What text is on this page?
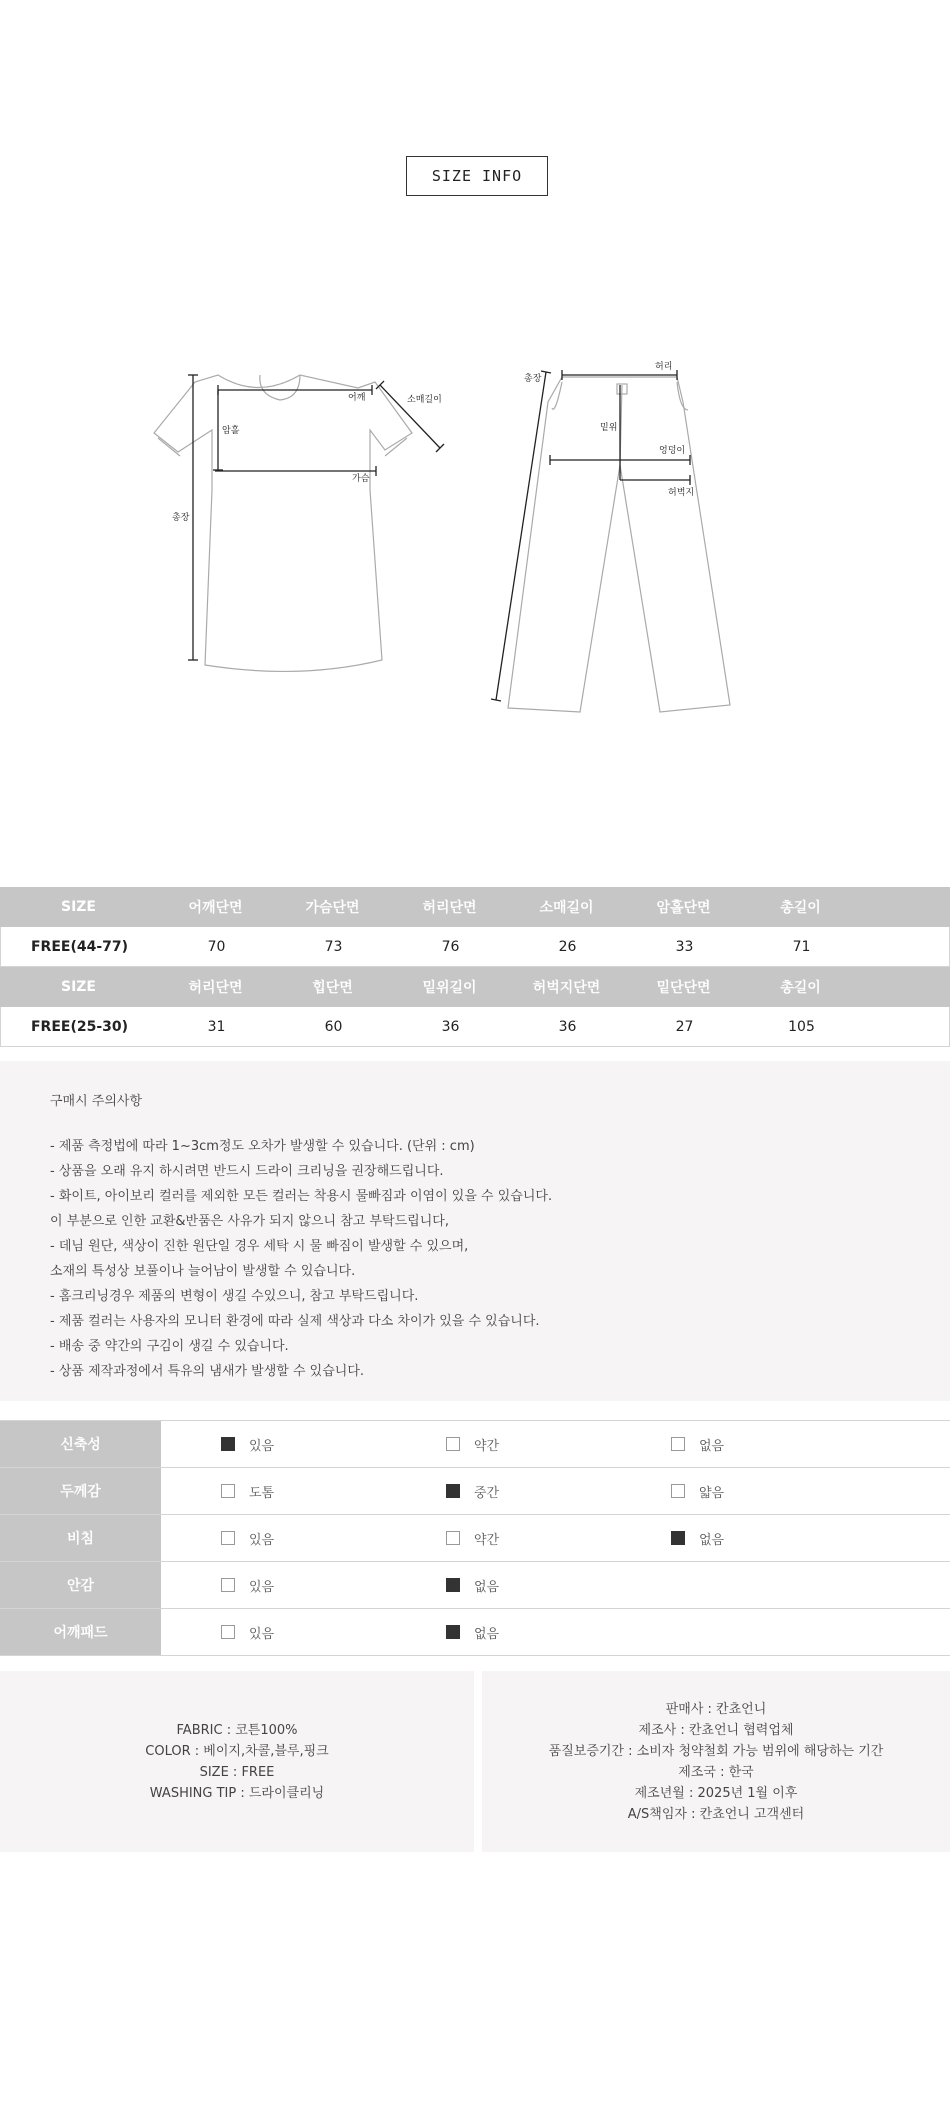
SIZE INFO
어깨	소매길이
암홀
가슴
총장
허리
총장
밑위
엉덩이
허벅지
SIZE	어깨단면	가슴단면	허리단면	소매길이	암홀단면	총길이
FREE(44-77)	70	73	76	26	33	71
SIZE	허리단면	힙단면	밑위길이	허벅지단면	밑단단면	총길이
FREE(25-30)	31	60	36	36	27	105
구매시 주의사항
- 제품 측정법에 따라 1~3cm정도 오차가 발생할 수 있습니다. (단위 : cm)
- 상품을 오래 유지 하시려면 반드시 드라이 크리닝을 권장해드립니다.
- 화이트, 아이보리 컬러를 제외한 모든 컬러는 착용시 물빠짐과 이염이 있을 수 있습니다.
이 부분으로 인한 교환&반품은 사유가 되지 않으니 참고 부탁드립니다,
- 데님 원단, 색상이 진한 원단일 경우 세탁 시 물 빠짐이 발생할 수 있으며,
소재의 특성상 보풀이나 늘어남이 발생할 수 있습니다.
- 홈크리닝경우 제품의 변형이 생길 수있으니, 참고 부탁드립니다.
- 제품 컬러는 사용자의 모니터 환경에 따라 실제 색상과 다소 차이가 있을 수 있습니다.
- 배송 중 약간의 구김이 생길 수 있습니다.
- 상품 제작과정에서 특유의 냄새가 발생할 수 있습니다.
신축성	있음	약간	없음
두께감	도톰	중간	얇음
비침	있음	약간	없음
안감	있음	없음
어깨패드	있음	없음
FABRIC : 코튼100%
COLOR : 베이지,차콜,블루,핑크
SIZE : FREE
WASHING TIP : 드라이클리닝
판매사 : 칸쵸언니
제조사 : 칸쵸언니 협력업체
품질보증기간 : 소비자 청약철회 가능 범위에 해당하는 기간
제조국 : 한국
제조년월 : 2025년 1월 이후
A/S책임자 : 칸쵸언니 고객센터
